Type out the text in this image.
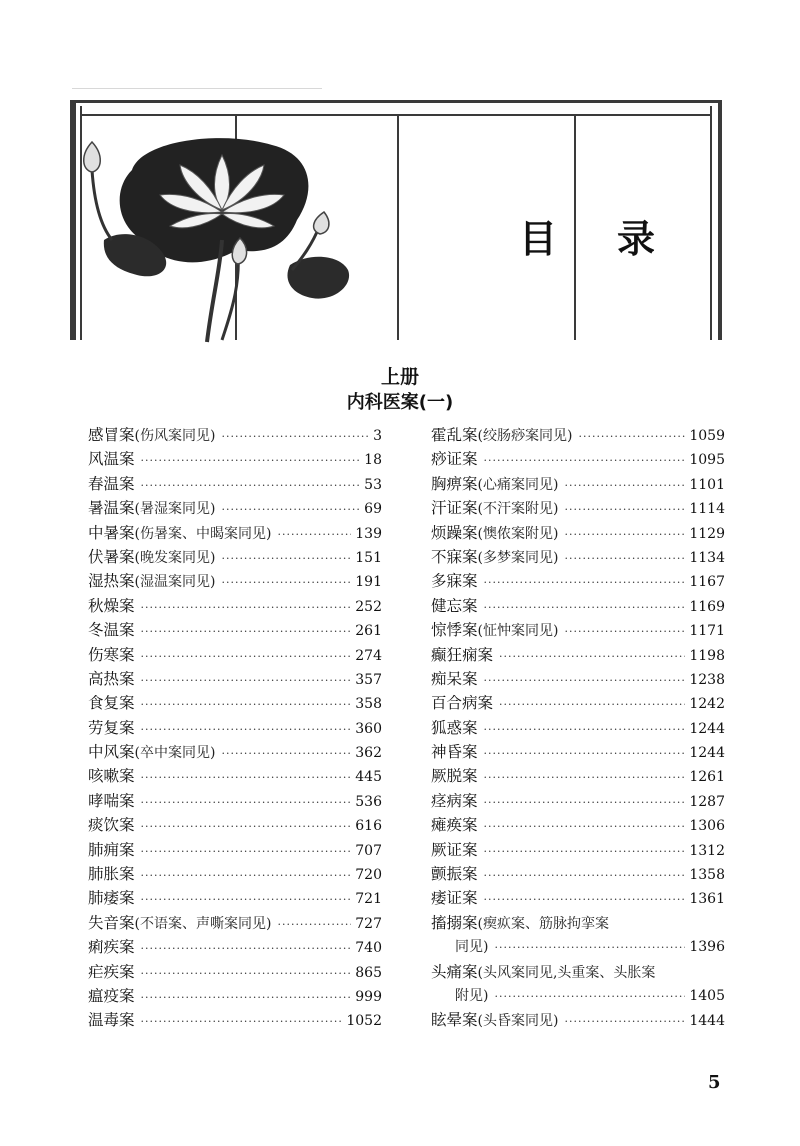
目 录
上册
内科医案(一)
感冒案 (伤风案同见) ·····	3
风温案 ·····	18
春温案 ·····	53
暑温案 (暑湿案同见) ·····	69
中暑案 (伤暑案、中暍案同见) ·····	139
伏暑案 (晚发案同见) ·····	151
湿热案 (湿温案同见) ·····	191
秋燥案 ·····	252
冬温案 ·····	261
伤寒案 ·····	274
高热案 ·····	357
食复案 ·····	358
劳复案 ·····	360
中风案 (卒中案同见) ·····	362
咳嗽案 ·····	445
哮喘案 ·····	536
痰饮案 ·····	616
肺痈案 ·····	707
肺胀案 ·····	720
肺痿案 ·····	721
失音案 (不语案、声嘶案同见) ·····	727
痢疾案 ·····	740
疟疾案 ·····	865
瘟疫案 ·····	999
温毒案 ·····	1052
霍乱案 (绞肠痧案同见) ·····	1059
痧证案 ·····	1095
胸痹案 (心痛案同见) ·····	1101
汗证案 (不汗案附见) ·····	1114
烦躁案 (懊侬案附见) ·····	1129
不寐案 (多梦案同见) ·····	1134
多寐案 ·····	1167
健忘案 ·····	1169
惊悸案 (怔忡案同见) ·····	1171
癫狂痫案 ·····	1198
痴呆案 ·····	1238
百合病案 ·····	1242
狐惑案 ·····	1244
神昏案 ·····	1244
厥脱案 ·····	1261
痉病案 ·····	1287
瘫痪案 ·····	1306
厥证案 ·····	1312
颤振案 ·····	1358
痿证案 ·····	1361
搐搦案(瘈疭案、筋脉拘挛案
同见) ·····	1396
头痛案(头风案同见,头重案、头胀案
附见) ·····	1405
眩晕案 (头昏案同见) ·····	1444
5
